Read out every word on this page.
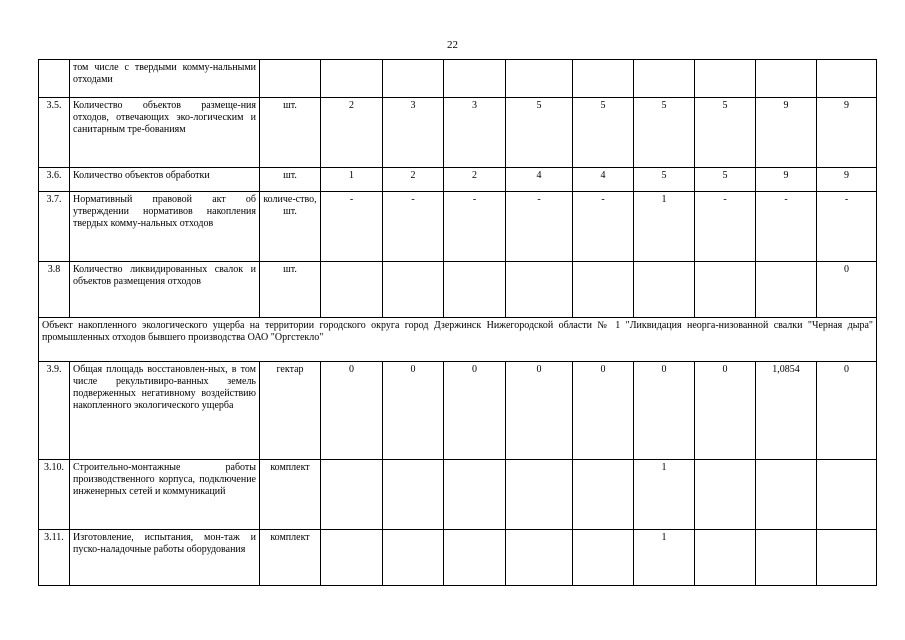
22
	том числе с твердыми комму-нальными отходами										
3.5.	Количество объектов размеще-ния отходов, отвечающих эко-логическим и санитарным тре-бованиям	шт.	2	3	3	5	5	5	5	9	9
3.6.	Количество объектов обработки	шт.	1	2	2	4	4	5	5	9	9
3.7.	Нормативный правовой акт об утверждении нормативов накопления твердых комму-нальных отходов	количе-ство, шт.	-	-	-	-	-	1	-	-	-
3.8	Количество ликвидированных свалок и объектов размещения отходов	шт.									0
Объект накопленного экологического ущерба на территории городского округа город Дзержинск Нижегородской области № 1 "Ликвидация неорга-низованной свалки "Черная дыра" промышленных отходов бывшего производства ОАО "Оргстекло"											
3.9.	Общая площадь восстановлен-ных, в том числе рекультивиро-ванных земель подверженных негативному воздействию накопленного экологического ущерба	гектар	0	0	0	0	0	0	0	1,0854	0
3.10.	Строительно-монтажные работы производственного корпуса, подключение инженерных сетей и коммуникаций	комплект						1			
3.11.	Изготовление, испытания, мон-таж и пуско-наладочные работы оборудования	комплект						1			
